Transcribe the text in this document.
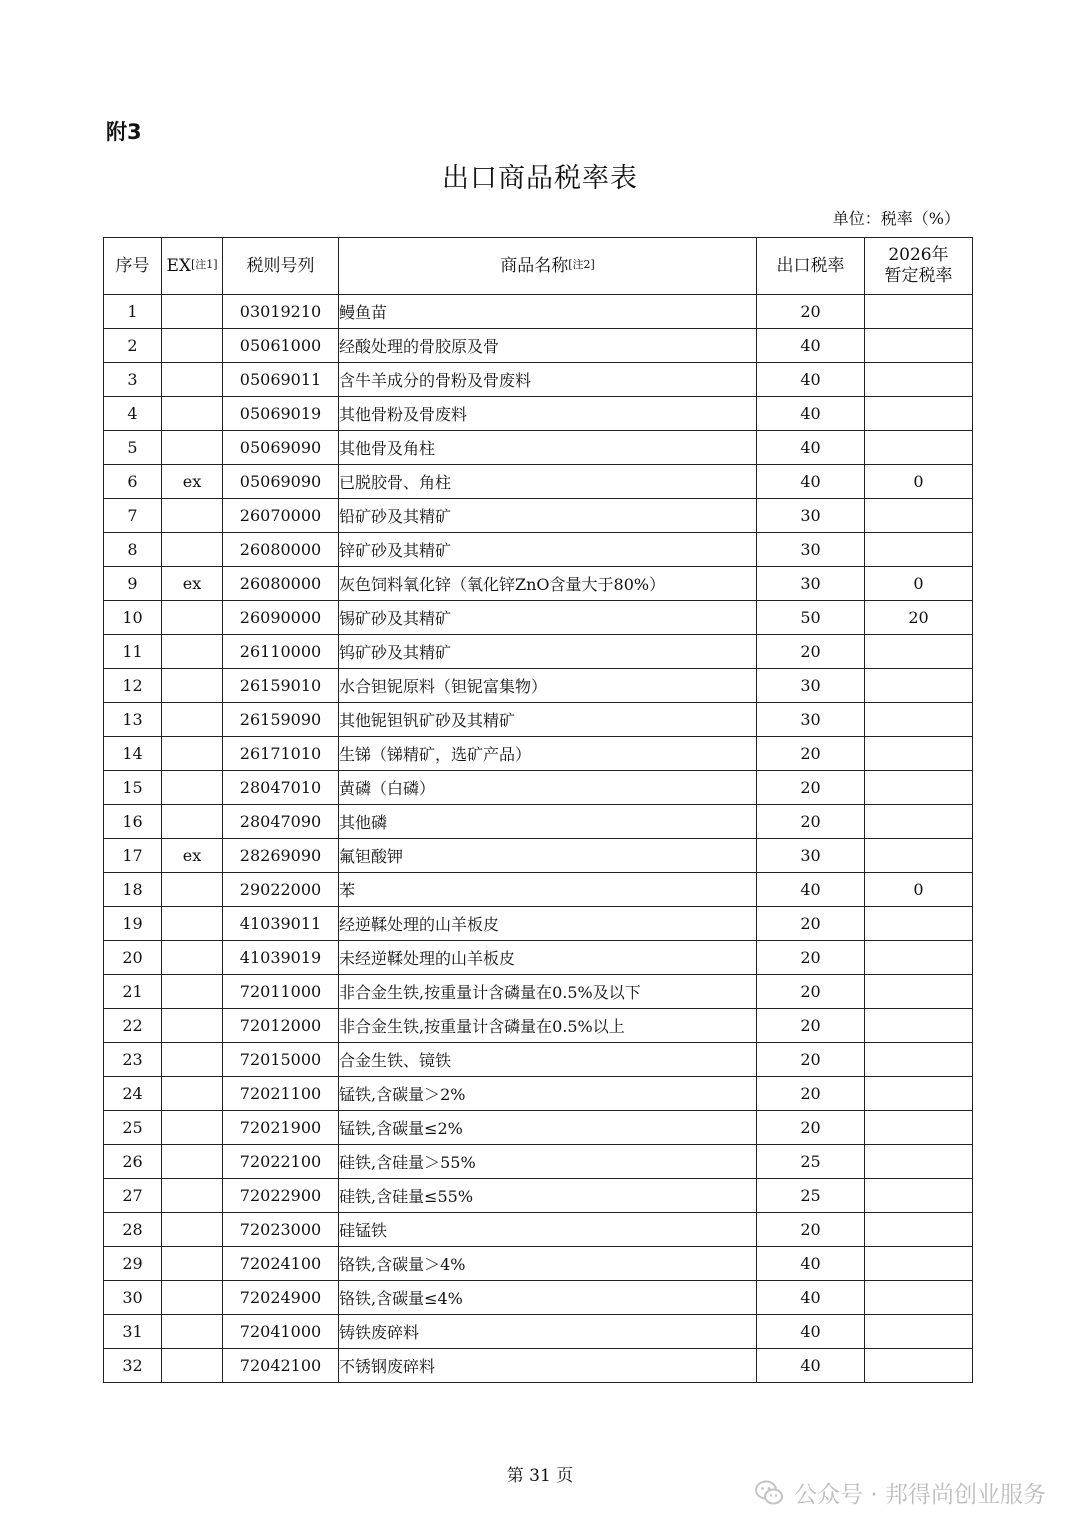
附3
出口商品税率表
单位：税率（%）
序号	EX[注1]	税则号列	商品名称[注2]	出口税率	2026年
暂定税率

1		03019210	鳗鱼苗	20	
2		05061000	经酸处理的骨胶原及骨	40	
3		05069011	含牛羊成分的骨粉及骨废料	40	
4		05069019	其他骨粉及骨废料	40	
5		05069090	其他骨及角柱	40	
6	ex	05069090	已脱胶骨、角柱	40	0
7		26070000	铅矿砂及其精矿	30	
8		26080000	锌矿砂及其精矿	30	
9	ex	26080000	灰色饲料氧化锌（氧化锌ZnO含量大于80%）	30	0
10		26090000	锡矿砂及其精矿	50	20
11		26110000	钨矿砂及其精矿	20	
12		26159010	水合钽铌原料（钽铌富集物）	30	
13		26159090	其他铌钽钒矿砂及其精矿	30	
14		26171010	生锑（锑精矿，选矿产品）	20	
15		28047010	黄磷（白磷）	20	
16		28047090	其他磷	20	
17	ex	28269090	氟钽酸钾	30	
18		29022000	苯	40	0
19		41039011	经逆鞣处理的山羊板皮	20	
20		41039019	未经逆鞣处理的山羊板皮	20	
21		72011000	非合金生铁,按重量计含磷量在0.5%及以下	20	
22		72012000	非合金生铁,按重量计含磷量在0.5%以上	20	
23		72015000	合金生铁、镜铁	20	
24		72021100	锰铁,含碳量＞2%	20	
25		72021900	锰铁,含碳量≤2%	20	
26		72022100	硅铁,含硅量＞55%	25	
27		72022900	硅铁,含硅量≤55%	25	
28		72023000	硅锰铁	20	
29		72024100	铬铁,含碳量＞4%	40	
30		72024900	铬铁,含碳量≤4%	40	
31		72041000	铸铁废碎料	40	
32		72042100	不锈钢废碎料	40	
第 31 页
公众号 · 邦得尚创业服务
